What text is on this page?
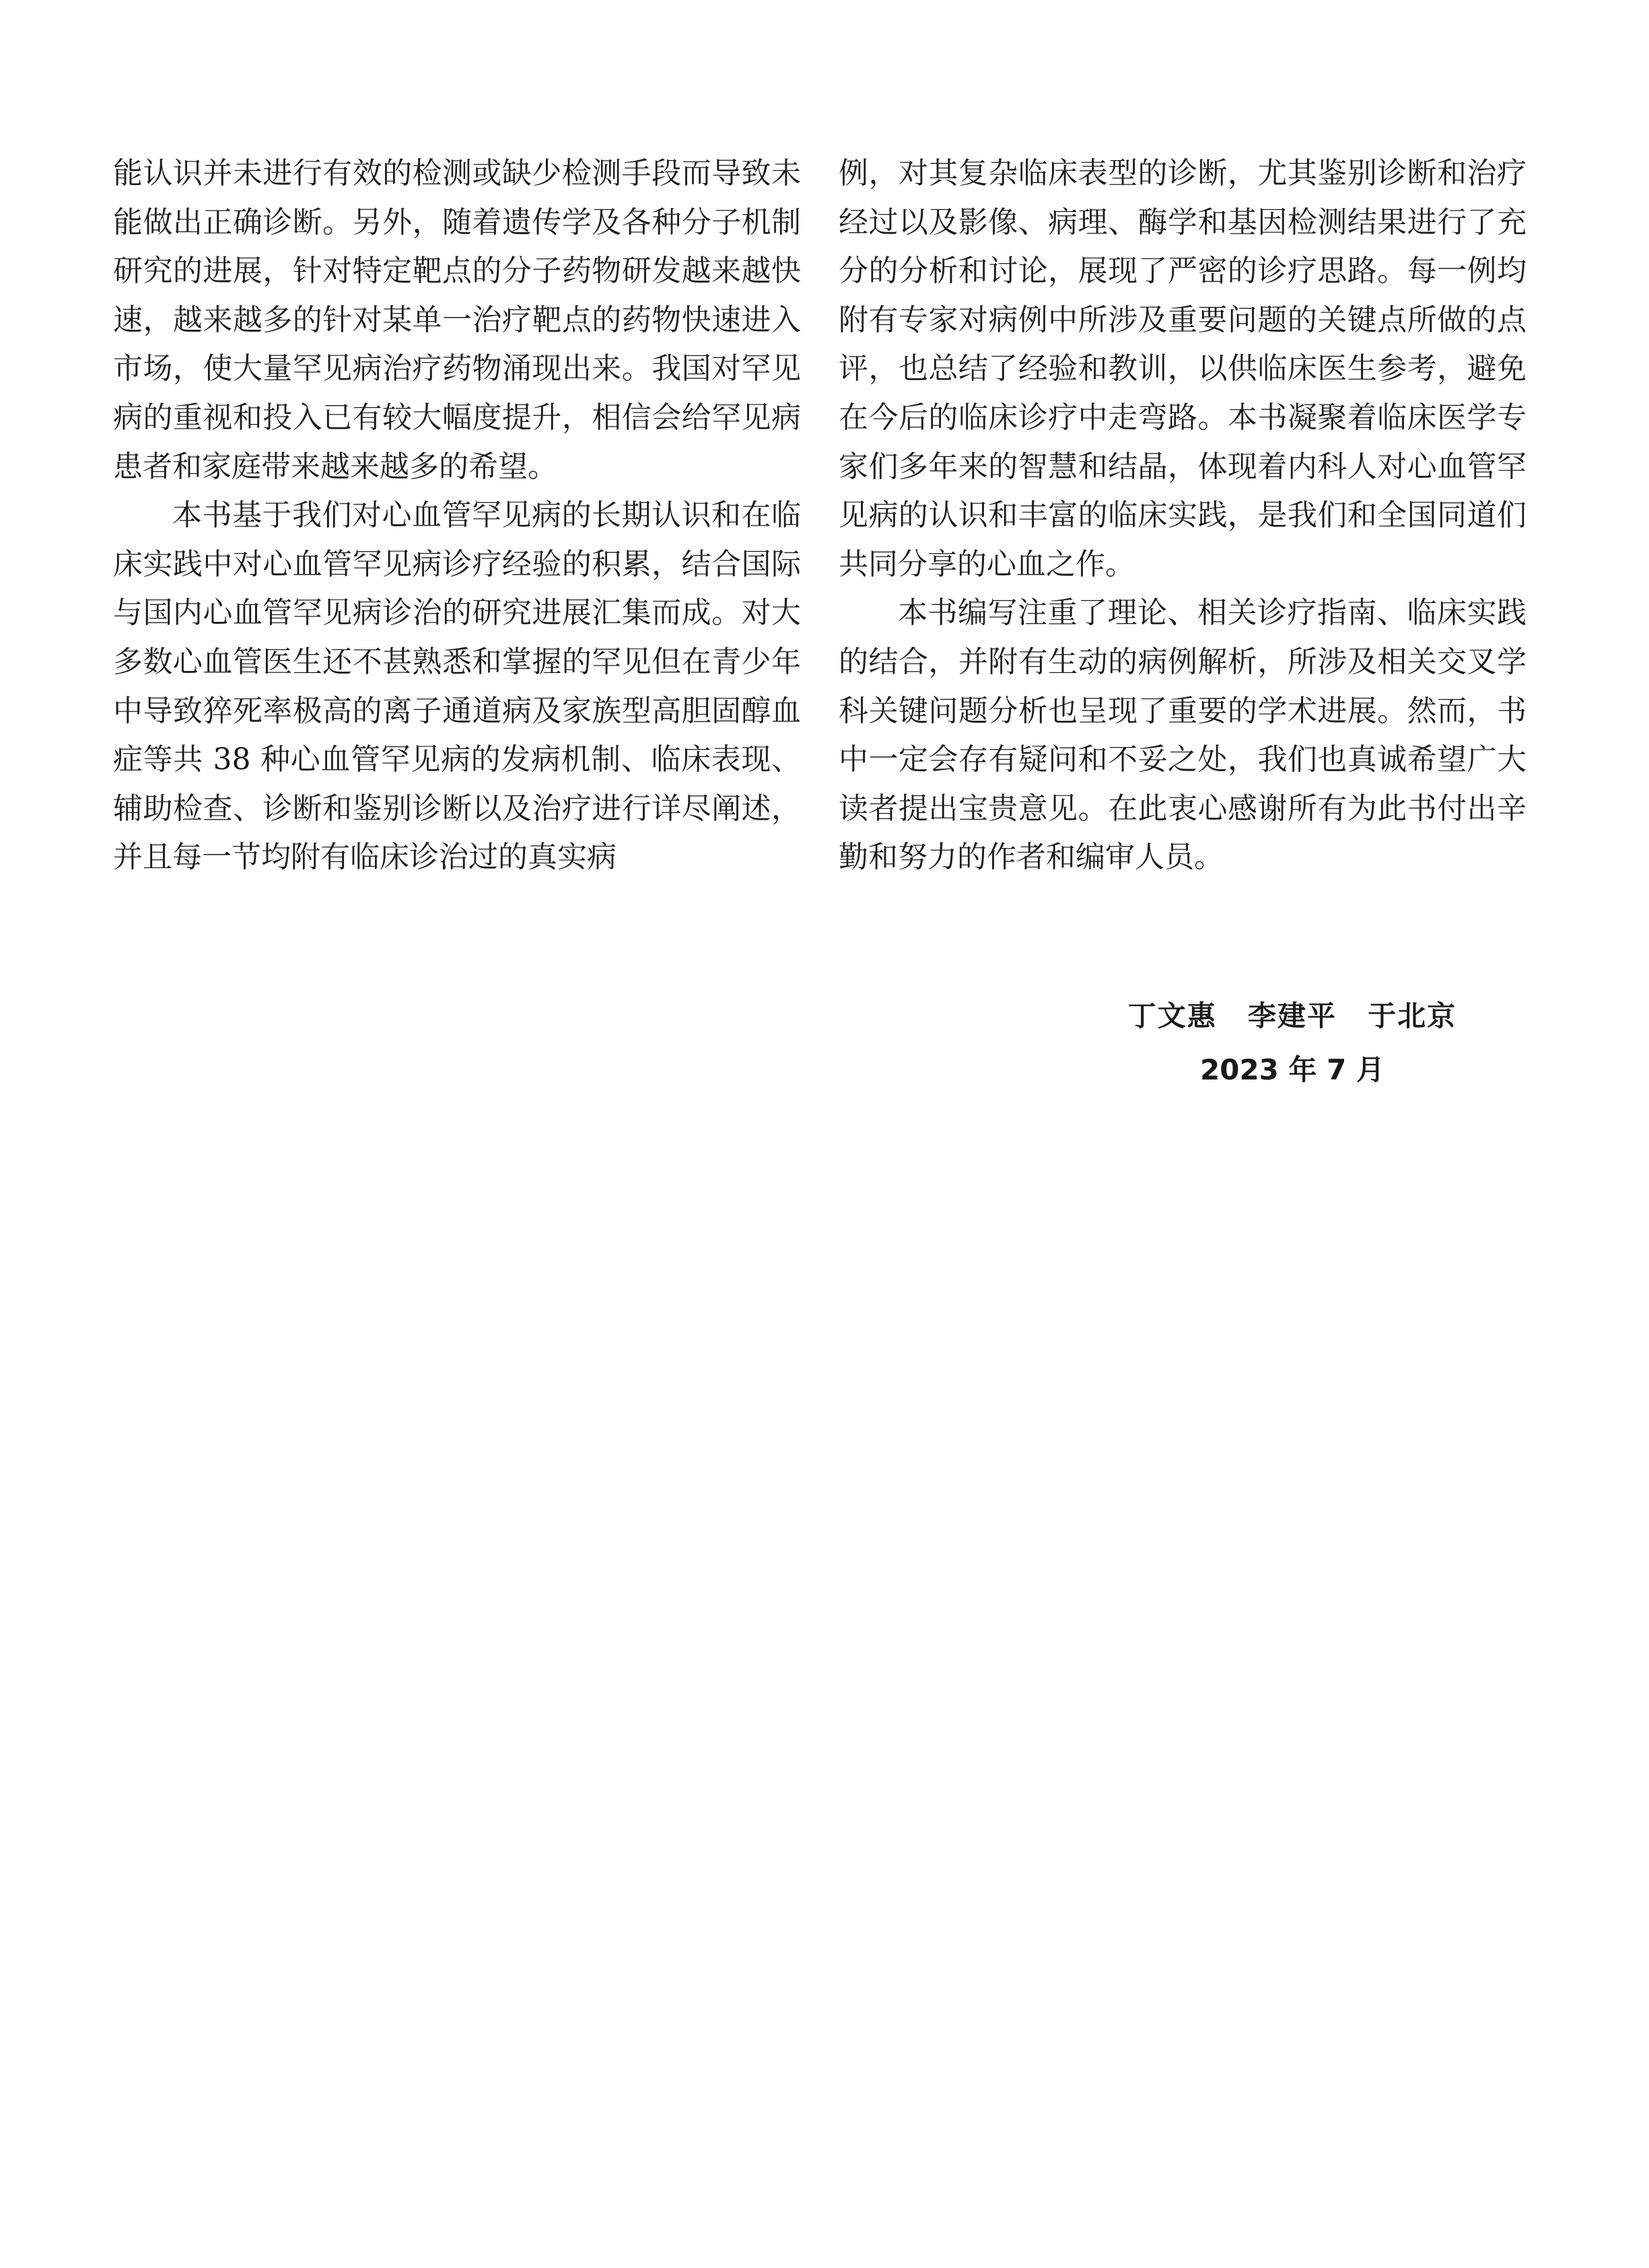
能认识并未进行有效的检测或缺少检测手段而导致未能做出正确诊断。另外，随着遗传学及各种分子机制研究的进展，针对特定靶点的分子药物研发越来越快速，越来越多的针对某单一治疗靶点的药物快速进入市场，使大量罕见病治疗药物涌现出来。我国对罕见病的重视和投入已有较大幅度提升，相信会给罕见病患者和家庭带来越来越多的希望。

本书基于我们对心血管罕见病的长期认识和在临床实践中对心血管罕见病诊疗经验的积累，结合国际与国内心血管罕见病诊治的研究进展汇集而成。对大多数心血管医生还不甚熟悉和掌握的罕见但在青少年中导致猝死率极高的离子通道病及家族型高胆固醇血症等共 38 种心血管罕见病的发病机制、临床表现、辅助检查、诊断和鉴别诊断以及治疗进行详尽阐述，并且每一节均附有临床诊治过的真实病

例，对其复杂临床表型的诊断，尤其鉴别诊断和治疗经过以及影像、病理、酶学和基因检测结果进行了充分的分析和讨论，展现了严密的诊疗思路。每一例均附有专家对病例中所涉及重要问题的关键点所做的点评，也总结了经验和教训，以供临床医生参考，避免在今后的临床诊疗中走弯路。本书凝聚着临床医学专家们多年来的智慧和结晶，体现着内科人对心血管罕见病的认识和丰富的临床实践，是我们和全国同道们共同分享的心血之作。

本书编写注重了理论、相关诊疗指南、临床实践的结合，并附有生动的病例解析，所涉及相关交叉学科关键问题分析也呈现了重要的学术进展。然而，书中一定会存有疑问和不妥之处，我们也真诚希望广大读者提出宝贵意见。在此衷心感谢所有为此书付出辛勤和努力的作者和编审人员。

丁文惠 李建平 于北京
2023 年 7 月
